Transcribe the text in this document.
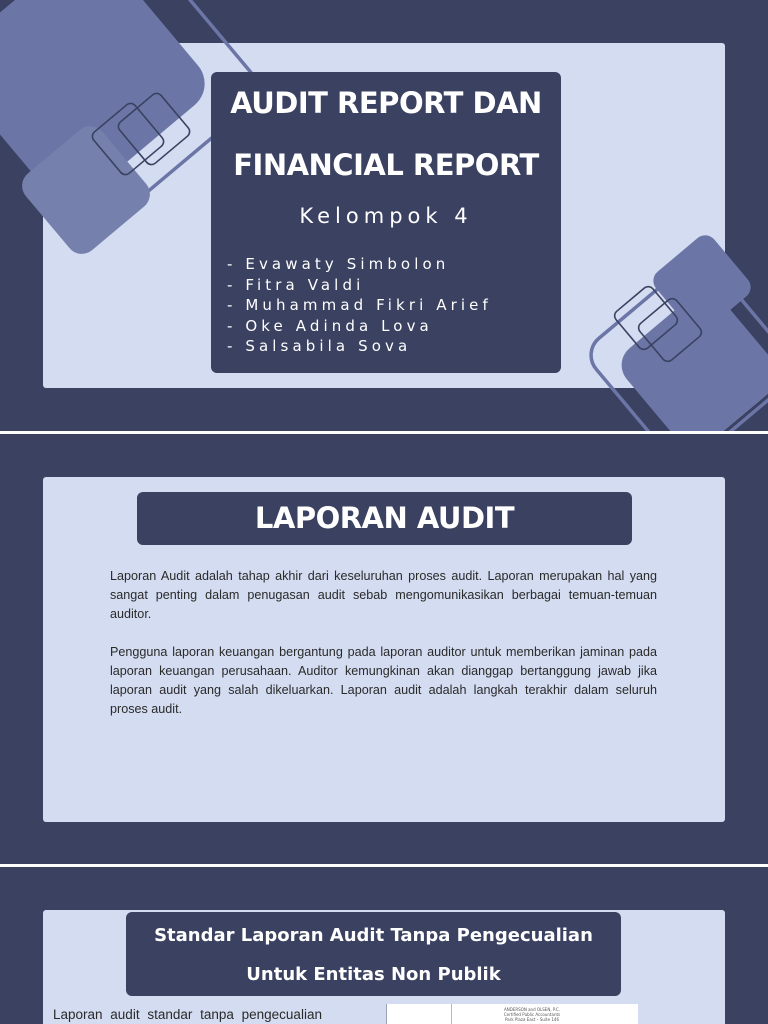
AUDIT REPORT DAN
FINANCIAL REPORT
Kelompok 4
- Evawaty Simbolon
- Fitra Valdi
- Muhammad Fikri Arief
- Oke Adinda Lova
- Salsabila Sova
LAPORAN AUDIT

Laporan Audit adalah tahap akhir dari keseluruhan proses audit. Laporan merupakan hal yang sangat penting dalam penugasan audit sebab mengomunikasikan berbagai temuan-temuan auditor.

Pengguna laporan keuangan bergantung pada laporan auditor untuk memberikan jaminan pada laporan keuangan perusahaan. Auditor kemungkinan akan dianggap bertanggung jawab jika laporan audit yang salah dikeluarkan. Laporan audit adalah langkah terakhir dalam seluruh proses audit.

Standar Laporan Audit Tanpa Pengecualian
Untuk Entitas Non Publik
Laporan audit standar tanpa pengecualian	ANDERSON and OLSEN, P.C.
Certified Public Accountants
Park Plaza East – Suite 146
